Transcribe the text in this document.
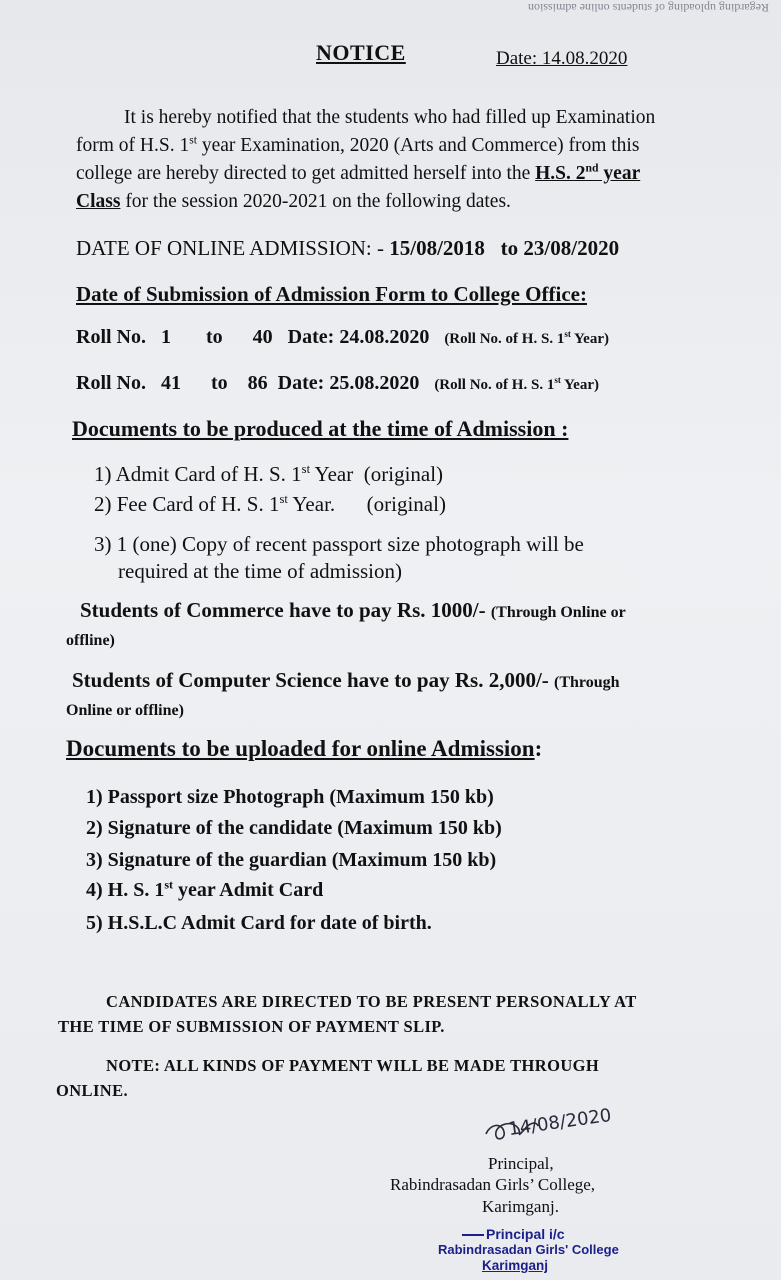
Regarding uploading of students online admission
NOTICE	Date: 14.08.2020
It is hereby notified that the students who had filled up Examination
form of H.S. 1st year Examination, 2020 (Arts and Commerce) from this
college are hereby directed to get admitted herself into the H.S. 2nd year
Class for the session 2020-2021 on the following dates.
DATE OF ONLINE ADMISSION: - 15/08/2018 to 23/08/2020
Date of Submission of Admission Form to College Office:
Roll No. 1 to 40 Date: 24.08.2020 (Roll No. of H. S. 1st Year)
Roll No. 41 to 86 Date: 25.08.2020 (Roll No. of H. S. 1st Year)
Documents to be produced at the time of Admission :
1) Admit Card of H. S. 1st Year (original)
2) Fee Card of H. S. 1st Year. (original)
3) 1 (one) Copy of recent passport size photograph will be
required at the time of admission)
Students of Commerce have to pay Rs. 1000/- (Through Online or
offline)
Students of Computer Science have to pay Rs. 2,000/- (Through
Online or offline)
Documents to be uploaded for online Admission:
1) Passport size Photograph (Maximum 150 kb)
2) Signature of the candidate (Maximum 150 kb)
3) Signature of the guardian (Maximum 150 kb)
4) H. S. 1st year Admit Card
5) H.S.L.C Admit Card for date of birth.
CANDIDATES ARE DIRECTED TO BE PRESENT PERSONALLY AT
THE TIME OF SUBMISSION OF PAYMENT SLIP.
NOTE: ALL KINDS OF PAYMENT WILL BE MADE THROUGH
ONLINE.
14/08/2020
Principal,
Rabindrasadan Girls’ College,
Karimganj.
Principal i/c
Rabindrasadan Girls' College
Karimganj
